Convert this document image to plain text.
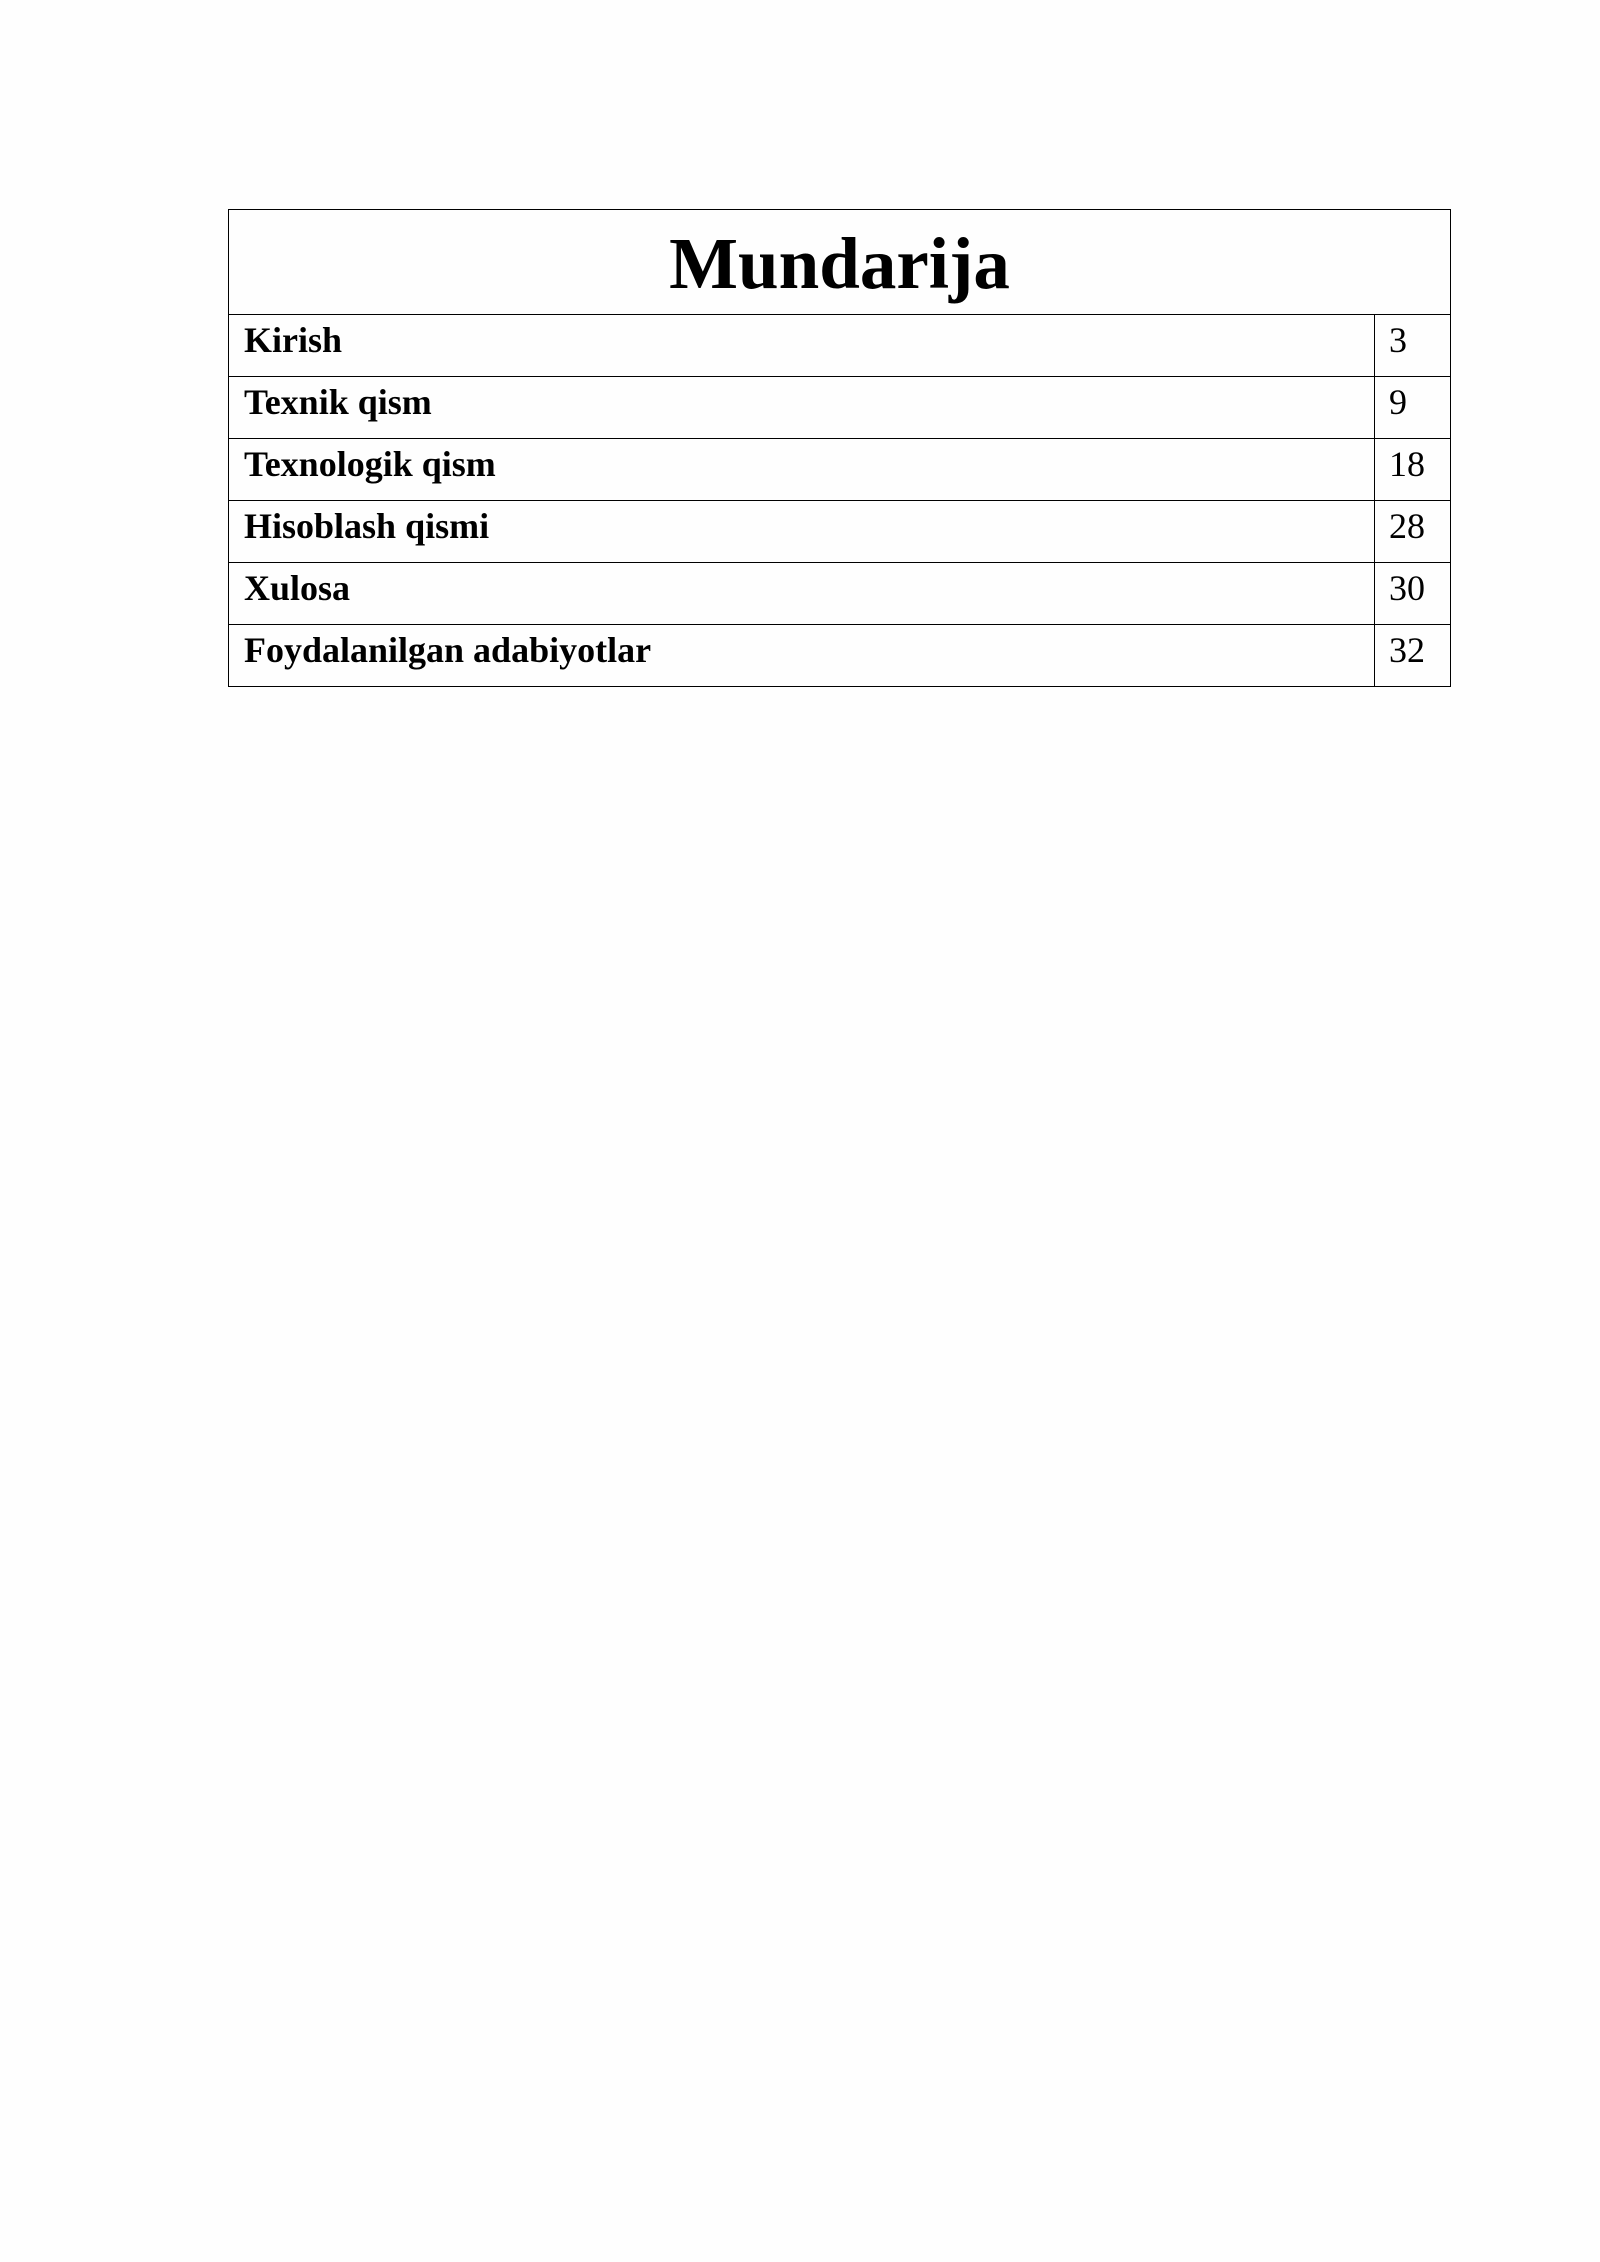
Mundarija	
Kirish	3
Texnik qism	9
Texnologik qism	18
Hisoblash qismi	28
Xulosa	30
Foydalanilgan adabiyotlar	32
